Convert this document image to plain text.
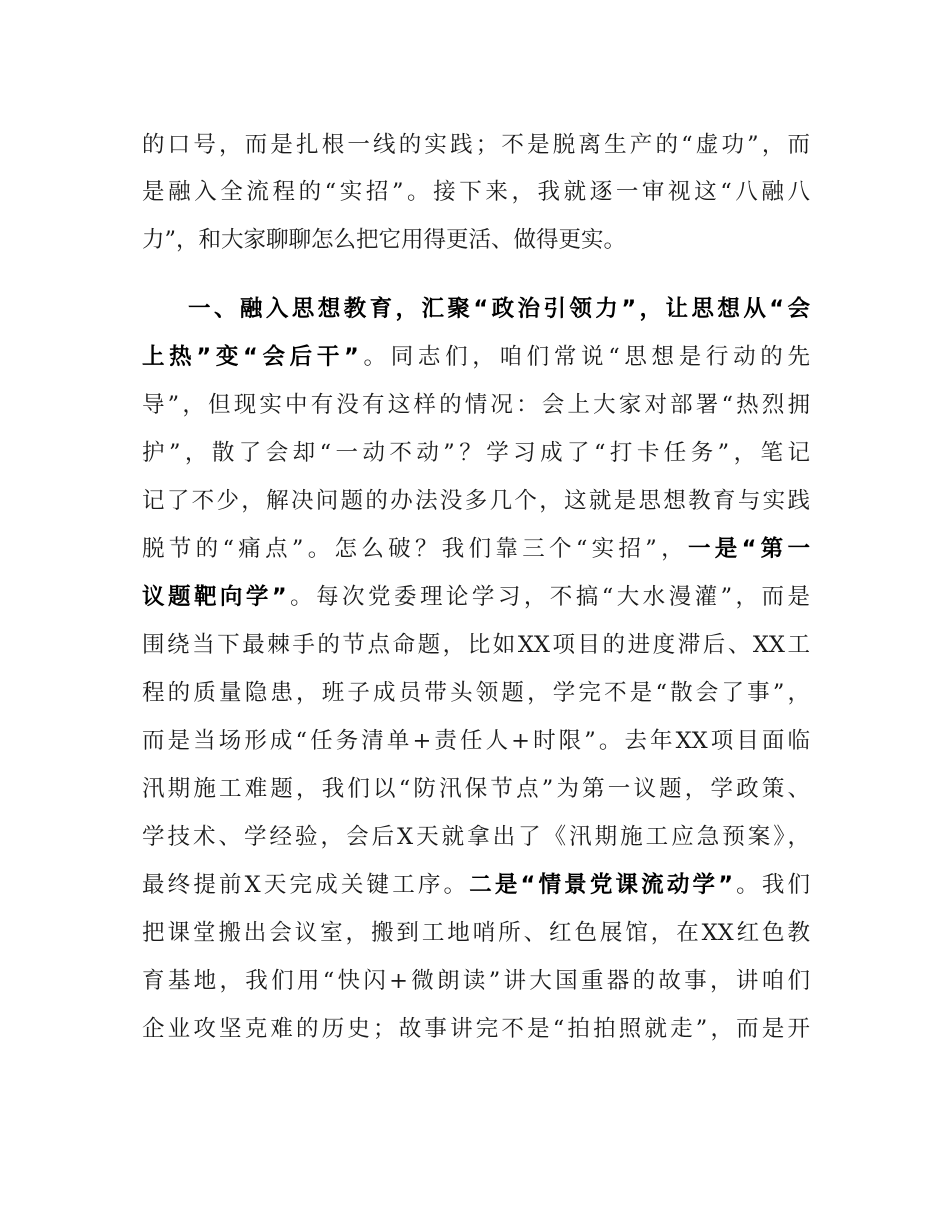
的口号，而是扎根一线的实践；不是脱离生产的“虚功”，而
是融入全流程的“实招”。接下来，我就逐一审视这“八融八
力”，和大家聊聊怎么把它用得更活、做得更实。
一、融入思想教育，汇聚“政治引领力”，让思想从“会
上热”变“会后干”。同志们，咱们常说“思想是行动的先
导”，但现实中有没有这样的情况：会上大家对部署“热烈拥
护”，散了会却“一动不动”？学习成了“打卡任务”，笔记
记了不少，解决问题的办法没多几个，这就是思想教育与实践
脱节的“痛点”。怎么破？我们靠三个“实招”，一是“第一
议题靶向学”。每次党委理论学习，不搞“大水漫灌”，而是
围绕当下最棘手的节点命题，比如XX项目的进度滞后、XX工
程的质量隐患，班子成员带头领题，学完不是“散会了事”，
而是当场形成“任务清单+责任人+时限”。去年XX项目面临
汛期施工难题，我们以“防汛保节点”为第一议题，学政策、
学技术、学经验，会后X天就拿出了《汛期施工应急预案》，
最终提前X天完成关键工序。二是“情景党课流动学”。我们
把课堂搬出会议室，搬到工地哨所、红色展馆，在XX红色教
育基地，我们用“快闪+微朗读”讲大国重器的故事，讲咱们
企业攻坚克难的历史；故事讲完不是“拍拍照就走”，而是开
